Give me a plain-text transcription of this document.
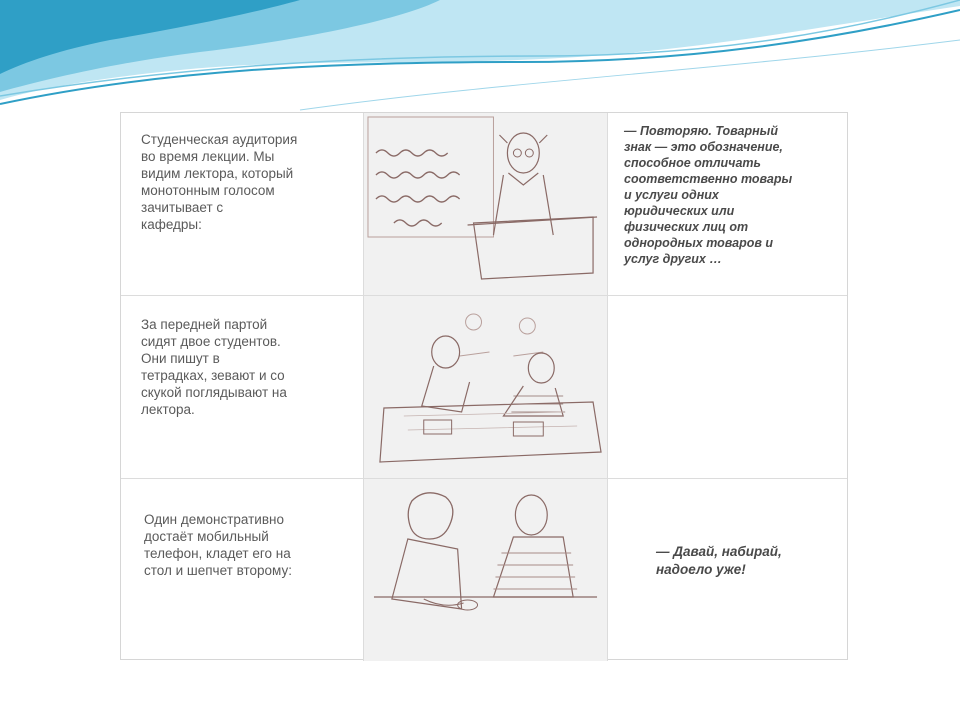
Студенческая аудитория
во время лекции. Мы
видим лектора, который
монотонным голосом
зачитывает с
кафедры:
— Повторяю. Товарный
знак — это обозначение,
способное отличать
соответственно товары
и услуги одних
юридических или
физических лиц от
однородных товаров и
услуг других …
За передней партой
сидят двое студентов.
Они пишут в
тетрадках, зевают и со
скукой поглядывают на
лектора.
Один демонстративно
достаёт мобильный
телефон, кладет его на
стол и шепчет второму:
— Давай, набирай,
надоело уже!
